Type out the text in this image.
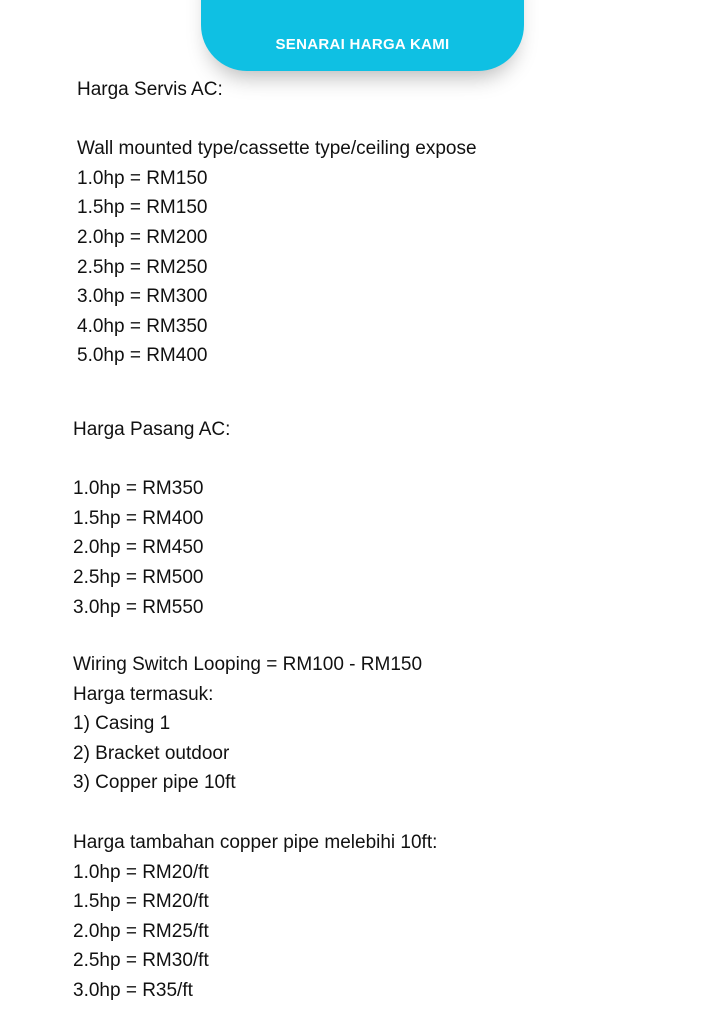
SENARAI HARGA KAMI
Harga Servis AC:
Wall mounted type/cassette type/ceiling expose
1.0hp = RM150
1.5hp = RM150
2.0hp = RM200
2.5hp = RM250
3.0hp = RM300
4.0hp = RM350
5.0hp = RM400
Harga Pasang AC:
1.0hp = RM350
1.5hp = RM400
2.0hp = RM450
2.5hp = RM500
3.0hp = RM550
Wiring Switch Looping = RM100 - RM150
Harga termasuk:
1) Casing 1
2) Bracket outdoor
3) Copper pipe 10ft
Harga tambahan copper pipe melebihi 10ft:
1.0hp = RM20/ft
1.5hp = RM20/ft
2.0hp = RM25/ft
2.5hp = RM30/ft
3.0hp = R35/ft
